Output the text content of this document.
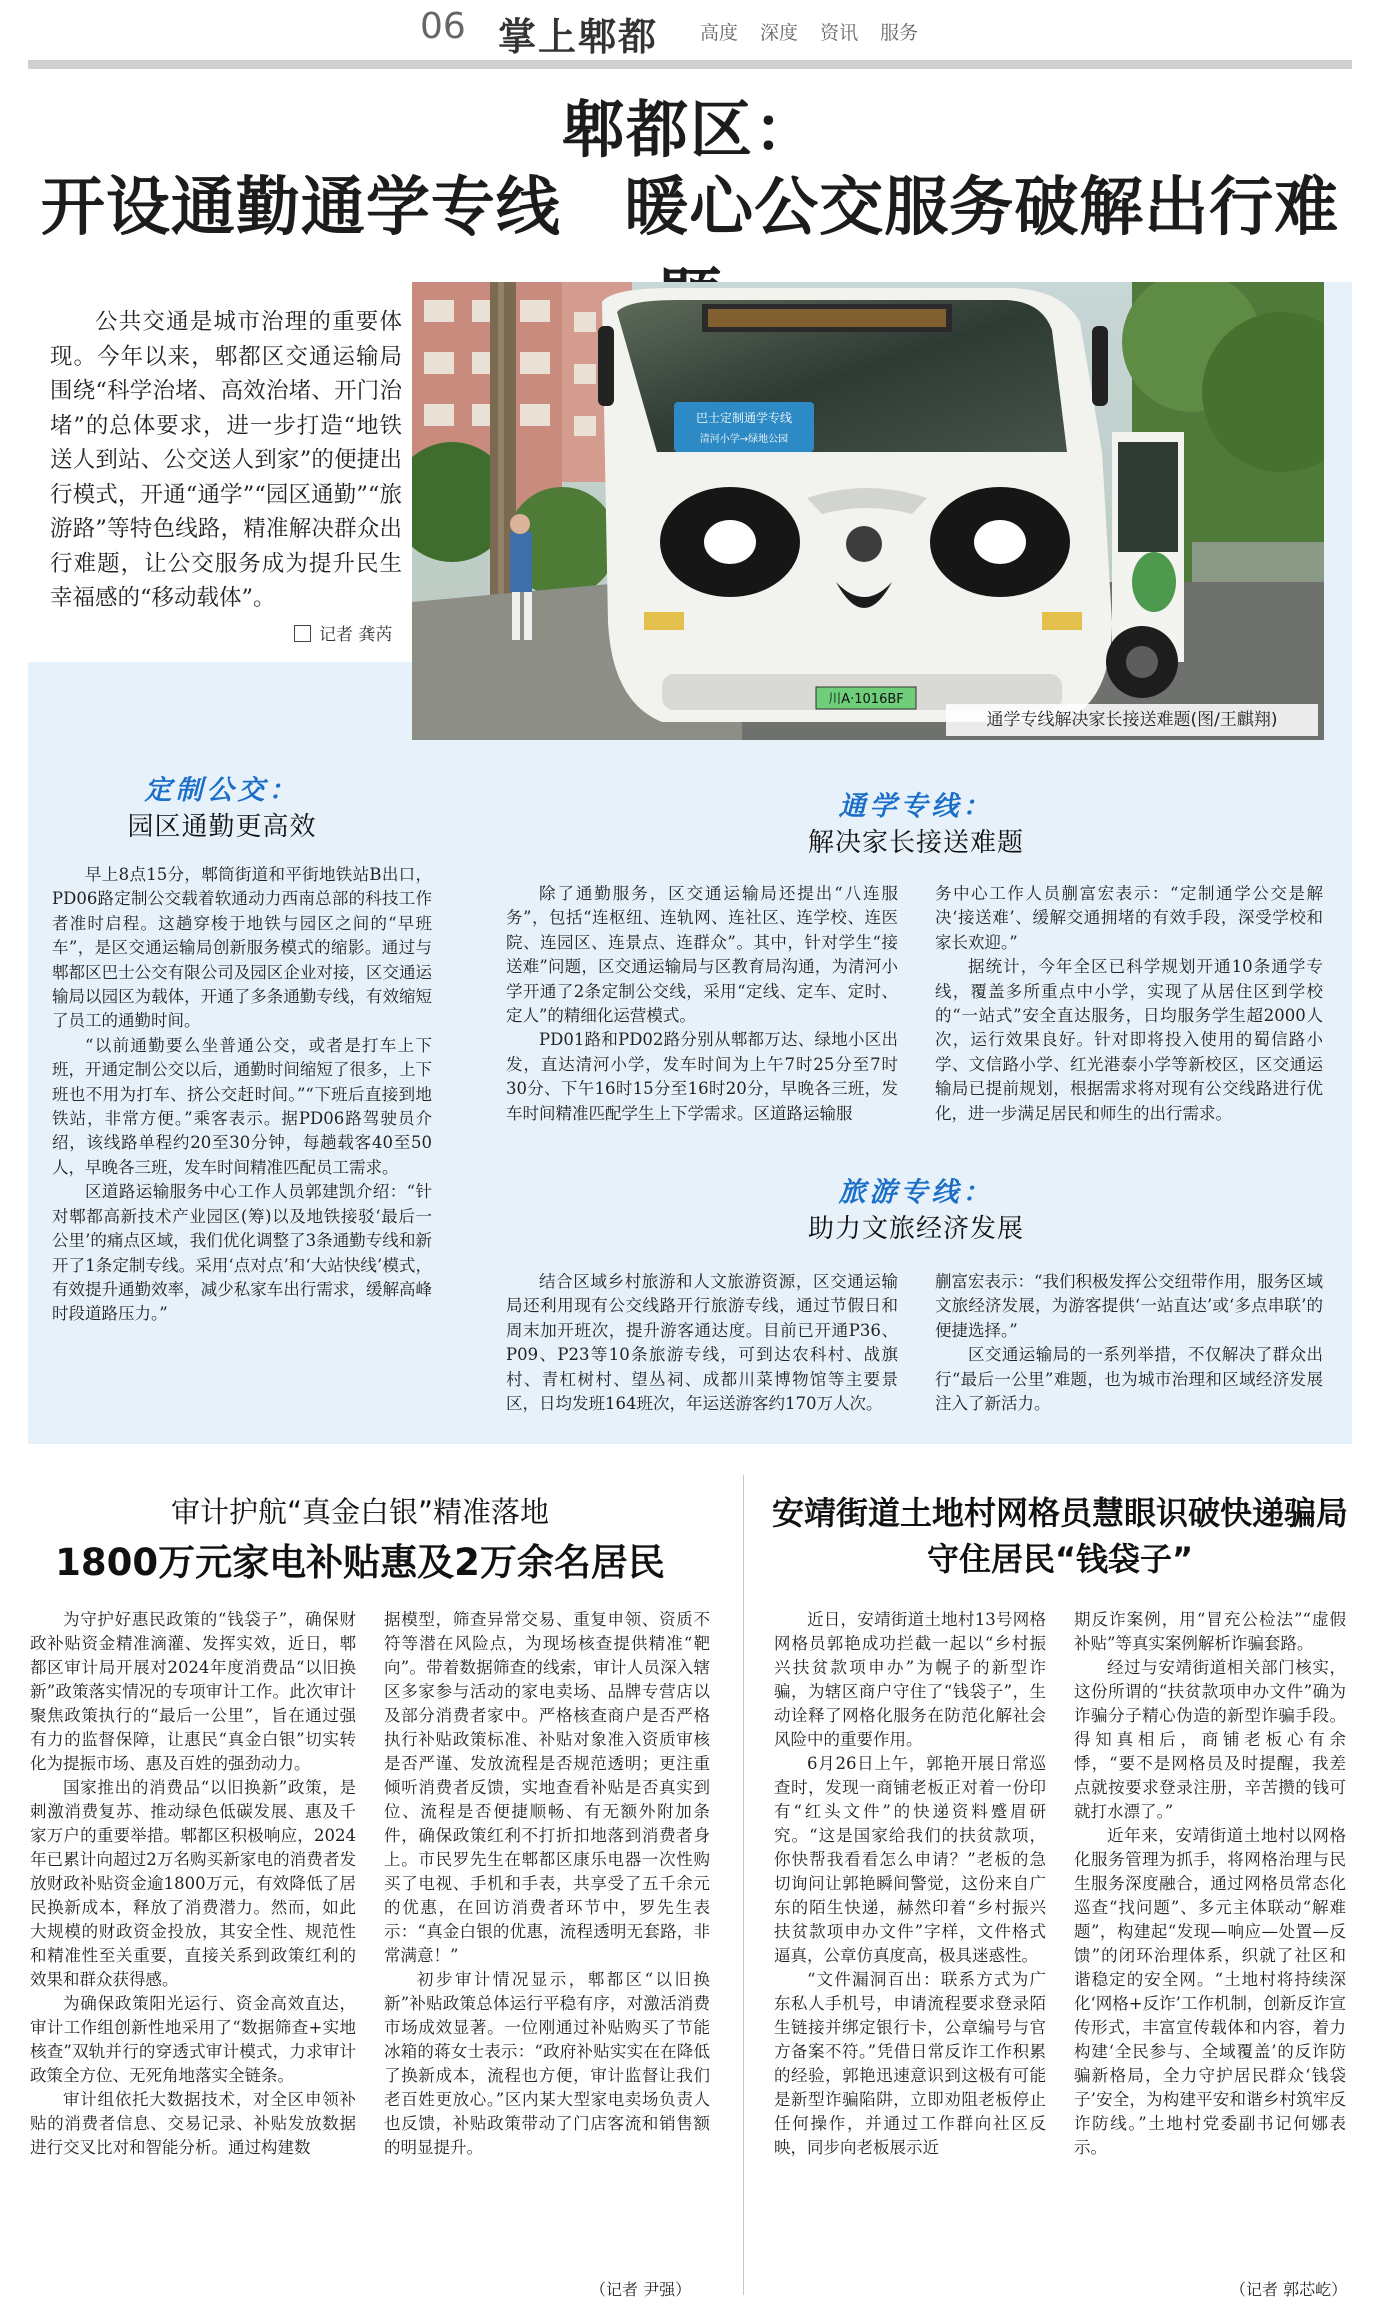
06 掌上郫都 高度 深度 资讯 服务
郫都区：
开设通勤通学专线 暖心公交服务破解出行难
公共交通是城市治理的重要体现。今年以来，郫都区交通运输局围绕“科学治堵、高效治堵、开门治堵”的总体要求，进一步打造“地铁送人到站、公交送人到家”的便捷出行模式，开通“通学”“园区通勤”“旅游路”等特色线路，精准解决群众出行难题，让公交服务成为提升民生幸福感的“移动载体”。
记者 龚芮
巴士定制通学专线
清河小学→绿地公园
川A·1016BF
通学专线解决家长接送难题(图/王麒翔)
定制公交：
园区通勤更高效

早上8点15分，郫筒街道和平街地铁站B出口，PD06路定制公交载着软通动力西南总部的科技工作者准时启程。这趟穿梭于地铁与园区之间的“早班车”，是区交通运输局创新服务模式的缩影。通过与郫都区巴士公交有限公司及园区企业对接，区交通运输局以园区为载体，开通了多条通勤专线，有效缩短了员工的通勤时间。

“以前通勤要么坐普通公交，或者是打车上下班，开通定制公交以后，通勤时间缩短了很多，上下班也不用为打车、挤公交赶时间。”“下班后直接到地铁站，非常方便。”乘客表示。据PD06路驾驶员介绍，该线路单程约20至30分钟，每趟载客40至50人，早晚各三班，发车时间精准匹配员工需求。

区道路运输服务中心工作人员郭建凯介绍：“针对郫都高新技术产业园区(筹)以及地铁接驳‘最后一公里’的痛点区域，我们优化调整了3条通勤专线和新开了1条定制专线。采用‘点对点’和‘大站快线’模式，有效提升通勤效率，减少私家车出行需求，缓解高峰时段道路压力。”

通学专线：
解决家长接送难题

除了通勤服务，区交通运输局还提出“八连服务”，包括“连枢纽、连轨网、连社区、连学校、连医院、连园区、连景点、连群众”。其中，针对学生“接送难”问题，区交通运输局与区教育局沟通，为清河小学开通了2条定制公交线，采用“定线、定车、定时、定人”的精细化运营模式。

PD01路和PD02路分别从郫都万达、绿地小区出发，直达清河小学，发车时间为上午7时25分至7时30分、下午16时15分至16时20分，早晚各三班，发车时间精准匹配学生上下学需求。区道路运输服

务中心工作人员蒯富宏表示：“定制通学公交是解决‘接送难’、缓解交通拥堵的有效手段，深受学校和家长欢迎。”

据统计，今年全区已科学规划开通10条通学专线，覆盖多所重点中小学，实现了从居住区到学校的“一站式”安全直达服务，日均服务学生超2000人次，运行效果良好。针对即将投入使用的蜀信路小学、文信路小学、红光港泰小学等新校区，区交通运输局已提前规划，根据需求将对现有公交线路进行优化，进一步满足居民和师生的出行需求。

旅游专线：
助力文旅经济发展

结合区域乡村旅游和人文旅游资源，区交通运输局还利用现有公交线路开行旅游专线，通过节假日和周末加开班次，提升游客通达度。目前已开通P36、P09、P23等10条旅游专线，可到达农科村、战旗村、青杠树村、望丛祠、成都川菜博物馆等主要景区，日均发班164班次，年运送游客约170万人次。

蒯富宏表示：“我们积极发挥公交纽带作用，服务区域文旅经济发展，为游客提供‘一站直达’或‘多点串联’的便捷选择。”

区交通运输局的一系列举措，不仅解决了群众出行“最后一公里”难题，也为城市治理和区域经济发展注入了新活力。

审计护航“真金白银”精准落地
1800万元家电补贴惠及2万余名居民

为守护好惠民政策的“钱袋子”，确保财政补贴资金精准滴灌、发挥实效，近日，郫都区审计局开展对2024年度消费品“以旧换新”政策落实情况的专项审计工作。此次审计聚焦政策执行的“最后一公里”，旨在通过强有力的监督保障，让惠民“真金白银”切实转化为提振市场、惠及百姓的强劲动力。

国家推出的消费品“以旧换新”政策，是刺激消费复苏、推动绿色低碳发展、惠及千家万户的重要举措。郫都区积极响应，2024年已累计向超过2万名购买新家电的消费者发放财政补贴资金逾1800万元，有效降低了居民换新成本，释放了消费潜力。然而，如此大规模的财政资金投放，其安全性、规范性和精准性至关重要，直接关系到政策红利的效果和群众获得感。

为确保政策阳光运行、资金高效直达，审计工作组创新性地采用了“数据筛查+实地核查”双轨并行的穿透式审计模式，力求审计政策全方位、无死角地落实全链条。

审计组依托大数据技术，对全区申领补贴的消费者信息、交易记录、补贴发放数据进行交叉比对和智能分析。通过构建数

据模型，筛查异常交易、重复申领、资质不符等潜在风险点，为现场核查提供精准“靶向”。带着数据筛查的线索，审计人员深入辖区多家参与活动的家电卖场、品牌专营店以及部分消费者家中。严格核查商户是否严格执行补贴政策标准、补贴对象准入资质审核是否严谨、发放流程是否规范透明；更注重倾听消费者反馈，实地查看补贴是否真实到位、流程是否便捷顺畅、有无额外附加条件，确保政策红利不打折扣地落到消费者身上。市民罗先生在郫都区康乐电器一次性购买了电视、手机和手表，共享受了五千余元的优惠，在回访消费者环节中，罗先生表示：“真金白银的优惠，流程透明无套路，非常满意！”

初步审计情况显示，郫都区“以旧换新”补贴政策总体运行平稳有序，对激活消费市场成效显著。一位刚通过补贴购买了节能冰箱的蒋女士表示：“政府补贴实实在在降低了换新成本，流程也方便，审计监督让我们老百姓更放心。”区内某大型家电卖场负责人也反馈，补贴政策带动了门店客流和销售额的明显提升。

（记者 尹强）
安靖街道土地村网格员慧眼识破快递骗局
守住居民“钱袋子”

近日，安靖街道土地村13号网格网格员郭艳成功拦截一起以“乡村振兴扶贫款项申办”为幌子的新型诈骗，为辖区商户守住了“钱袋子”，生动诠释了网格化服务在防范化解社会风险中的重要作用。

6月26日上午，郭艳开展日常巡查时，发现一商铺老板正对着一份印有“红头文件”的快递资料蹙眉研究。“这是国家给我们的扶贫款项，你快帮我看看怎么申请？”老板的急切询问让郭艳瞬间警觉，这份来自广东的陌生快递，赫然印着“乡村振兴扶贫款项申办文件”字样，文件格式逼真，公章仿真度高，极具迷惑性。

“文件漏洞百出：联系方式为广东私人手机号，申请流程要求登录陌生链接并绑定银行卡，公章编号与官方备案不符。”凭借日常反诈工作积累的经验，郭艳迅速意识到这极有可能是新型诈骗陷阱，立即劝阻老板停止任何操作，并通过工作群向社区反映，同步向老板展示近

期反诈案例，用“冒充公检法”“虚假补贴”等真实案例解析诈骗套路。

经过与安靖街道相关部门核实，这份所谓的“扶贫款项申办文件”确为诈骗分子精心伪造的新型诈骗手段。得知真相后，商铺老板心有余悸，“要不是网格员及时提醒，我差点就按要求登录注册，辛苦攒的钱可就打水漂了。”

近年来，安靖街道土地村以网格化服务管理为抓手，将网格治理与民生服务深度融合，通过网格员常态化巡查“找问题”、多元主体联动“解难题”，构建起“发现—响应—处置—反馈”的闭环治理体系，织就了社区和谐稳定的安全网。“土地村将持续深化‘网格+反诈’工作机制，创新反诈宣传形式，丰富宣传载体和内容，着力构建‘全民参与、全域覆盖’的反诈防骗新格局，全力守护居民群众‘钱袋子’安全，为构建平安和谐乡村筑牢反诈防线。”土地村党委副书记何娜表示。

（记者 郭芯屹）
